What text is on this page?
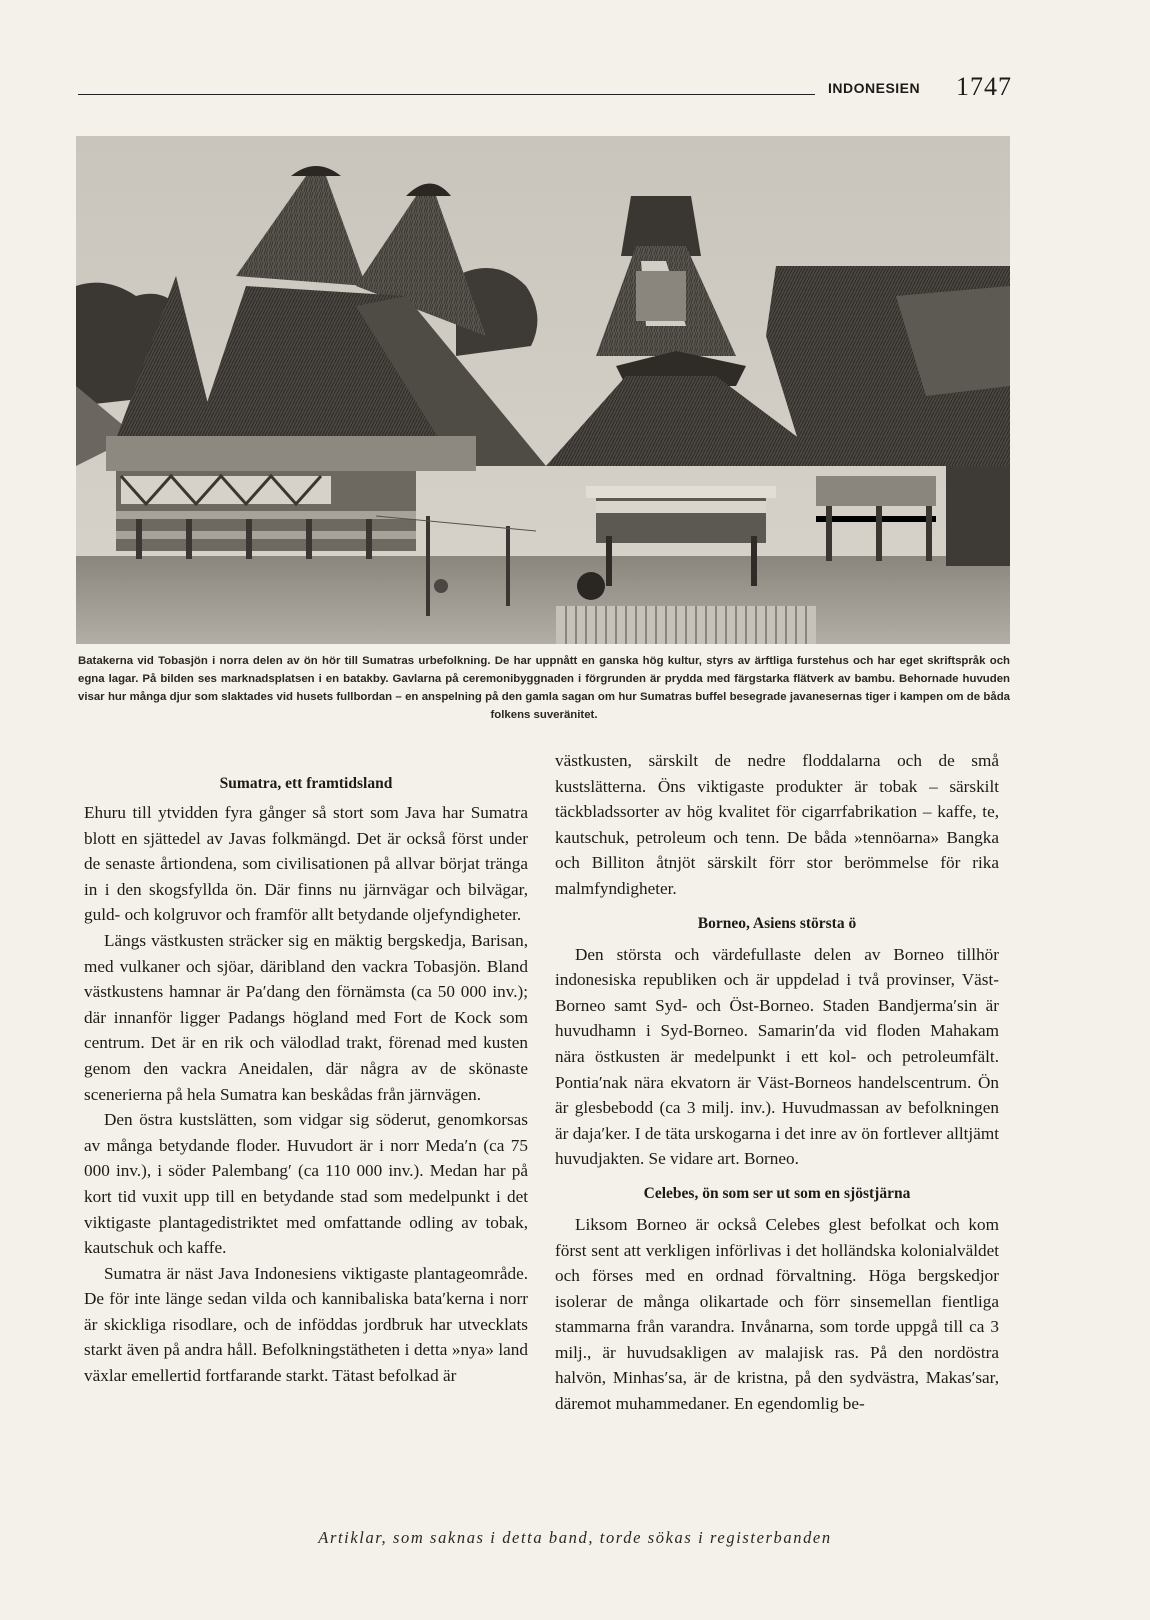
INDONESIEN 1747
Batakerna vid Tobasjön i norra delen av ön hör till Sumatras urbefolkning. De har uppnått en ganska hög kultur, styrs av ärftliga furstehus och har eget skriftspråk och egna lagar. På bilden ses marknadsplatsen i en batakby. Gavlarna på ceremonibyggnaden i förgrunden är prydda med färgstarka flätverk av bambu. Behornade huvuden visar hur många djur som slaktades vid husets fullbordan – en anspelning på den gamla sagan om hur Sumatras buffel besegrade javanesernas tiger i kampen om de båda folkens suveränitet.
Sumatra, ett framtidsland

Ehuru till ytvidden fyra gånger så stort som Java har Sumatra blott en sjättedel av Javas folkmängd. Det är också först under de senaste årtiondena, som civilisationen på allvar börjat tränga in i den skogsfyllda ön. Där finns nu järnvägar och bilvägar, guld- och kolgruvor och framför allt betydande oljefyndigheter.

Längs västkusten sträcker sig en mäktig bergskedja, Barisan, med vulkaner och sjöar, däribland den vackra Tobasjön. Bland västkustens hamnar är Pa′dang den förnämsta (ca 50 000 inv.); där innanför ligger Padangs högland med Fort de Kock som centrum. Det är en rik och välodlad trakt, förenad med kusten genom den vackra Aneidalen, där några av de skönaste scenerierna på hela Sumatra kan beskådas från järnvägen.

Den östra kustslätten, som vidgar sig söderut, genomkorsas av många betydande floder. Huvudort är i norr Meda′n (ca 75 000 inv.), i söder Palembang′ (ca 110 000 inv.). Medan har på kort tid vuxit upp till en betydande stad som medelpunkt i det viktigaste plantagedistriktet med omfattande odling av tobak, kautschuk och kaffe.

Sumatra är näst Java Indonesiens viktigaste plantageområde. De för inte länge sedan vilda och kannibaliska bata′kerna i norr är skickliga risodlare, och de inföddas jordbruk har utvecklats starkt även på andra håll. Befolkningstätheten i detta »nya» land växlar emellertid fortfarande starkt. Tätast befolkad är

västkusten, särskilt de nedre floddalarna och de små kustslätterna. Öns viktigaste produkter är tobak – särskilt täckbladssorter av hög kvalitet för cigarrfabrikation – kaffe, te, kautschuk, petroleum och tenn. De båda »tennöarna» Bangka och Billiton åtnjöt särskilt förr stor berömmelse för rika malmfyndigheter.

Borneo, Asiens största ö

Den största och värdefullaste delen av Borneo tillhör indonesiska republiken och är uppdelad i två provinser, Väst-Borneo samt Syd- och Öst-Borneo. Staden Bandjerma′sin är huvudhamn i Syd-Borneo. Samarin′da vid floden Mahakam nära östkusten är medelpunkt i ett kol- och petroleumfält. Pontia′nak nära ekvatorn är Väst-Borneos handelscentrum. Ön är glesbebodd (ca 3 milj. inv.). Huvudmassan av befolkningen är daja′ker. I de täta urskogarna i det inre av ön fortlever alltjämt huvudjakten. Se vidare art. Borneo.

Celebes, ön som ser ut som en sjöstjärna

Liksom Borneo är också Celebes glest befolkat och kom först sent att verkligen införlivas i det holländska kolonialväldet och förses med en ordnad förvaltning. Höga bergskedjor isolerar de många olikartade och förr sinsemellan fientliga stammarna från varandra. Invånarna, som torde uppgå till ca 3 milj., är huvudsakligen av malajisk ras. På den nordöstra halvön, Minhas′sa, är de kristna, på den sydvästra, Makas′sar, däremot muhammedaner. En egendomlig be-

Artiklar, som saknas i detta band, torde sökas i registerbanden
